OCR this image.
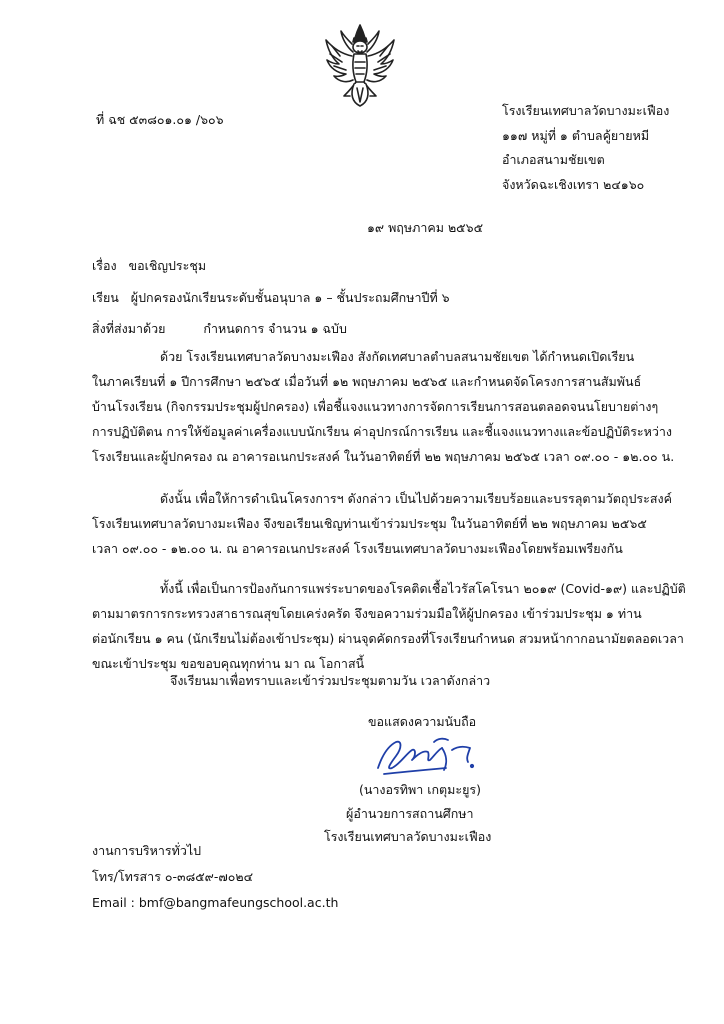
ที่ ฉช ๕๓๘๐๑.๐๑ /๖๐๖
โรงเรียนเทศบาลวัดบางมะเฟือง
๑๑๗ หมู่ที่ ๑ ตำบลคู้ยายหมี
อำเภอสนามชัยเขต
จังหวัดฉะเชิงเทรา ๒๔๑๖๐
๑๙ พฤษภาคม ๒๕๖๕
เรื่อง ขอเชิญประชุม
เรียน ผู้ปกครองนักเรียนระดับชั้นอนุบาล ๑ – ชั้นประถมศึกษาปีที่ ๖
สิ่งที่ส่งมาด้วย	กำหนดการ จำนวน ๑ ฉบับ
ด้วย โรงเรียนเทศบาลวัดบางมะเฟือง สังกัดเทศบาลตำบลสนามชัยเขต ได้กำหนดเปิดเรียน
ในภาคเรียนที่ ๑ ปีการศึกษา ๒๕๖๕ เมื่อวันที่ ๑๒ พฤษภาคม ๒๕๖๕ และกำหนดจัดโครงการสานสัมพันธ์
บ้านโรงเรียน (กิจกรรมประชุมผู้ปกครอง) เพื่อชี้แจงแนวทางการจัดการเรียนการสอนตลอดจนนโยบายต่างๆ
การปฏิบัติตน การให้ข้อมูลค่าเครื่องแบบนักเรียน ค่าอุปกรณ์การเรียน และชี้แจงแนวทางและข้อปฏิบัติระหว่าง
โรงเรียนและผู้ปกครอง ณ อาคารอเนกประสงค์ ในวันอาทิตย์ที่ ๒๒ พฤษภาคม ๒๕๖๕ เวลา ๐๙.๐๐ - ๑๒.๐๐ น.
ดังนั้น เพื่อให้การดำเนินโครงการฯ ดังกล่าว เป็นไปด้วยความเรียบร้อยและบรรลุตามวัตถุประสงค์
โรงเรียนเทศบาลวัดบางมะเฟือง จึงขอเรียนเชิญท่านเข้าร่วมประชุม ในวันอาทิตย์ที่ ๒๒ พฤษภาคม ๒๕๖๕
เวลา ๐๙.๐๐ - ๑๒.๐๐ น. ณ อาคารอเนกประสงค์ โรงเรียนเทศบาลวัดบางมะเฟืองโดยพร้อมเพรียงกัน
ทั้งนี้ เพื่อเป็นการป้องกันการแพร่ระบาดของโรคติดเชื้อไวรัสโคโรนา ๒๐๑๙ (Covid-๑๙) และปฏิบัติ
ตามมาตรการกระทรวงสาธารณสุขโดยเคร่งครัด จึงขอความร่วมมือให้ผู้ปกครอง เข้าร่วมประชุม ๑ ท่าน
ต่อนักเรียน ๑ คน (นักเรียนไม่ต้องเข้าประชุม) ผ่านจุดคัดกรองที่โรงเรียนกำหนด สวมหน้ากากอนามัยตลอดเวลา
ขณะเข้าประชุม ขอขอบคุณทุกท่าน มา ณ โอกาสนี้
จึงเรียนมาเพื่อทราบและเข้าร่วมประชุมตามวัน เวลาดังกล่าว
ขอแสดงความนับถือ
(นางอรทิพา เกตุมะยูร)
ผู้อำนวยการสถานศึกษา
โรงเรียนเทศบาลวัดบางมะเฟือง
งานการบริหารทั่วไป
โทร/โทรสาร ๐-๓๘๕๙-๗๐๒๔
Email : bmf@bangmafeungschool.ac.th
